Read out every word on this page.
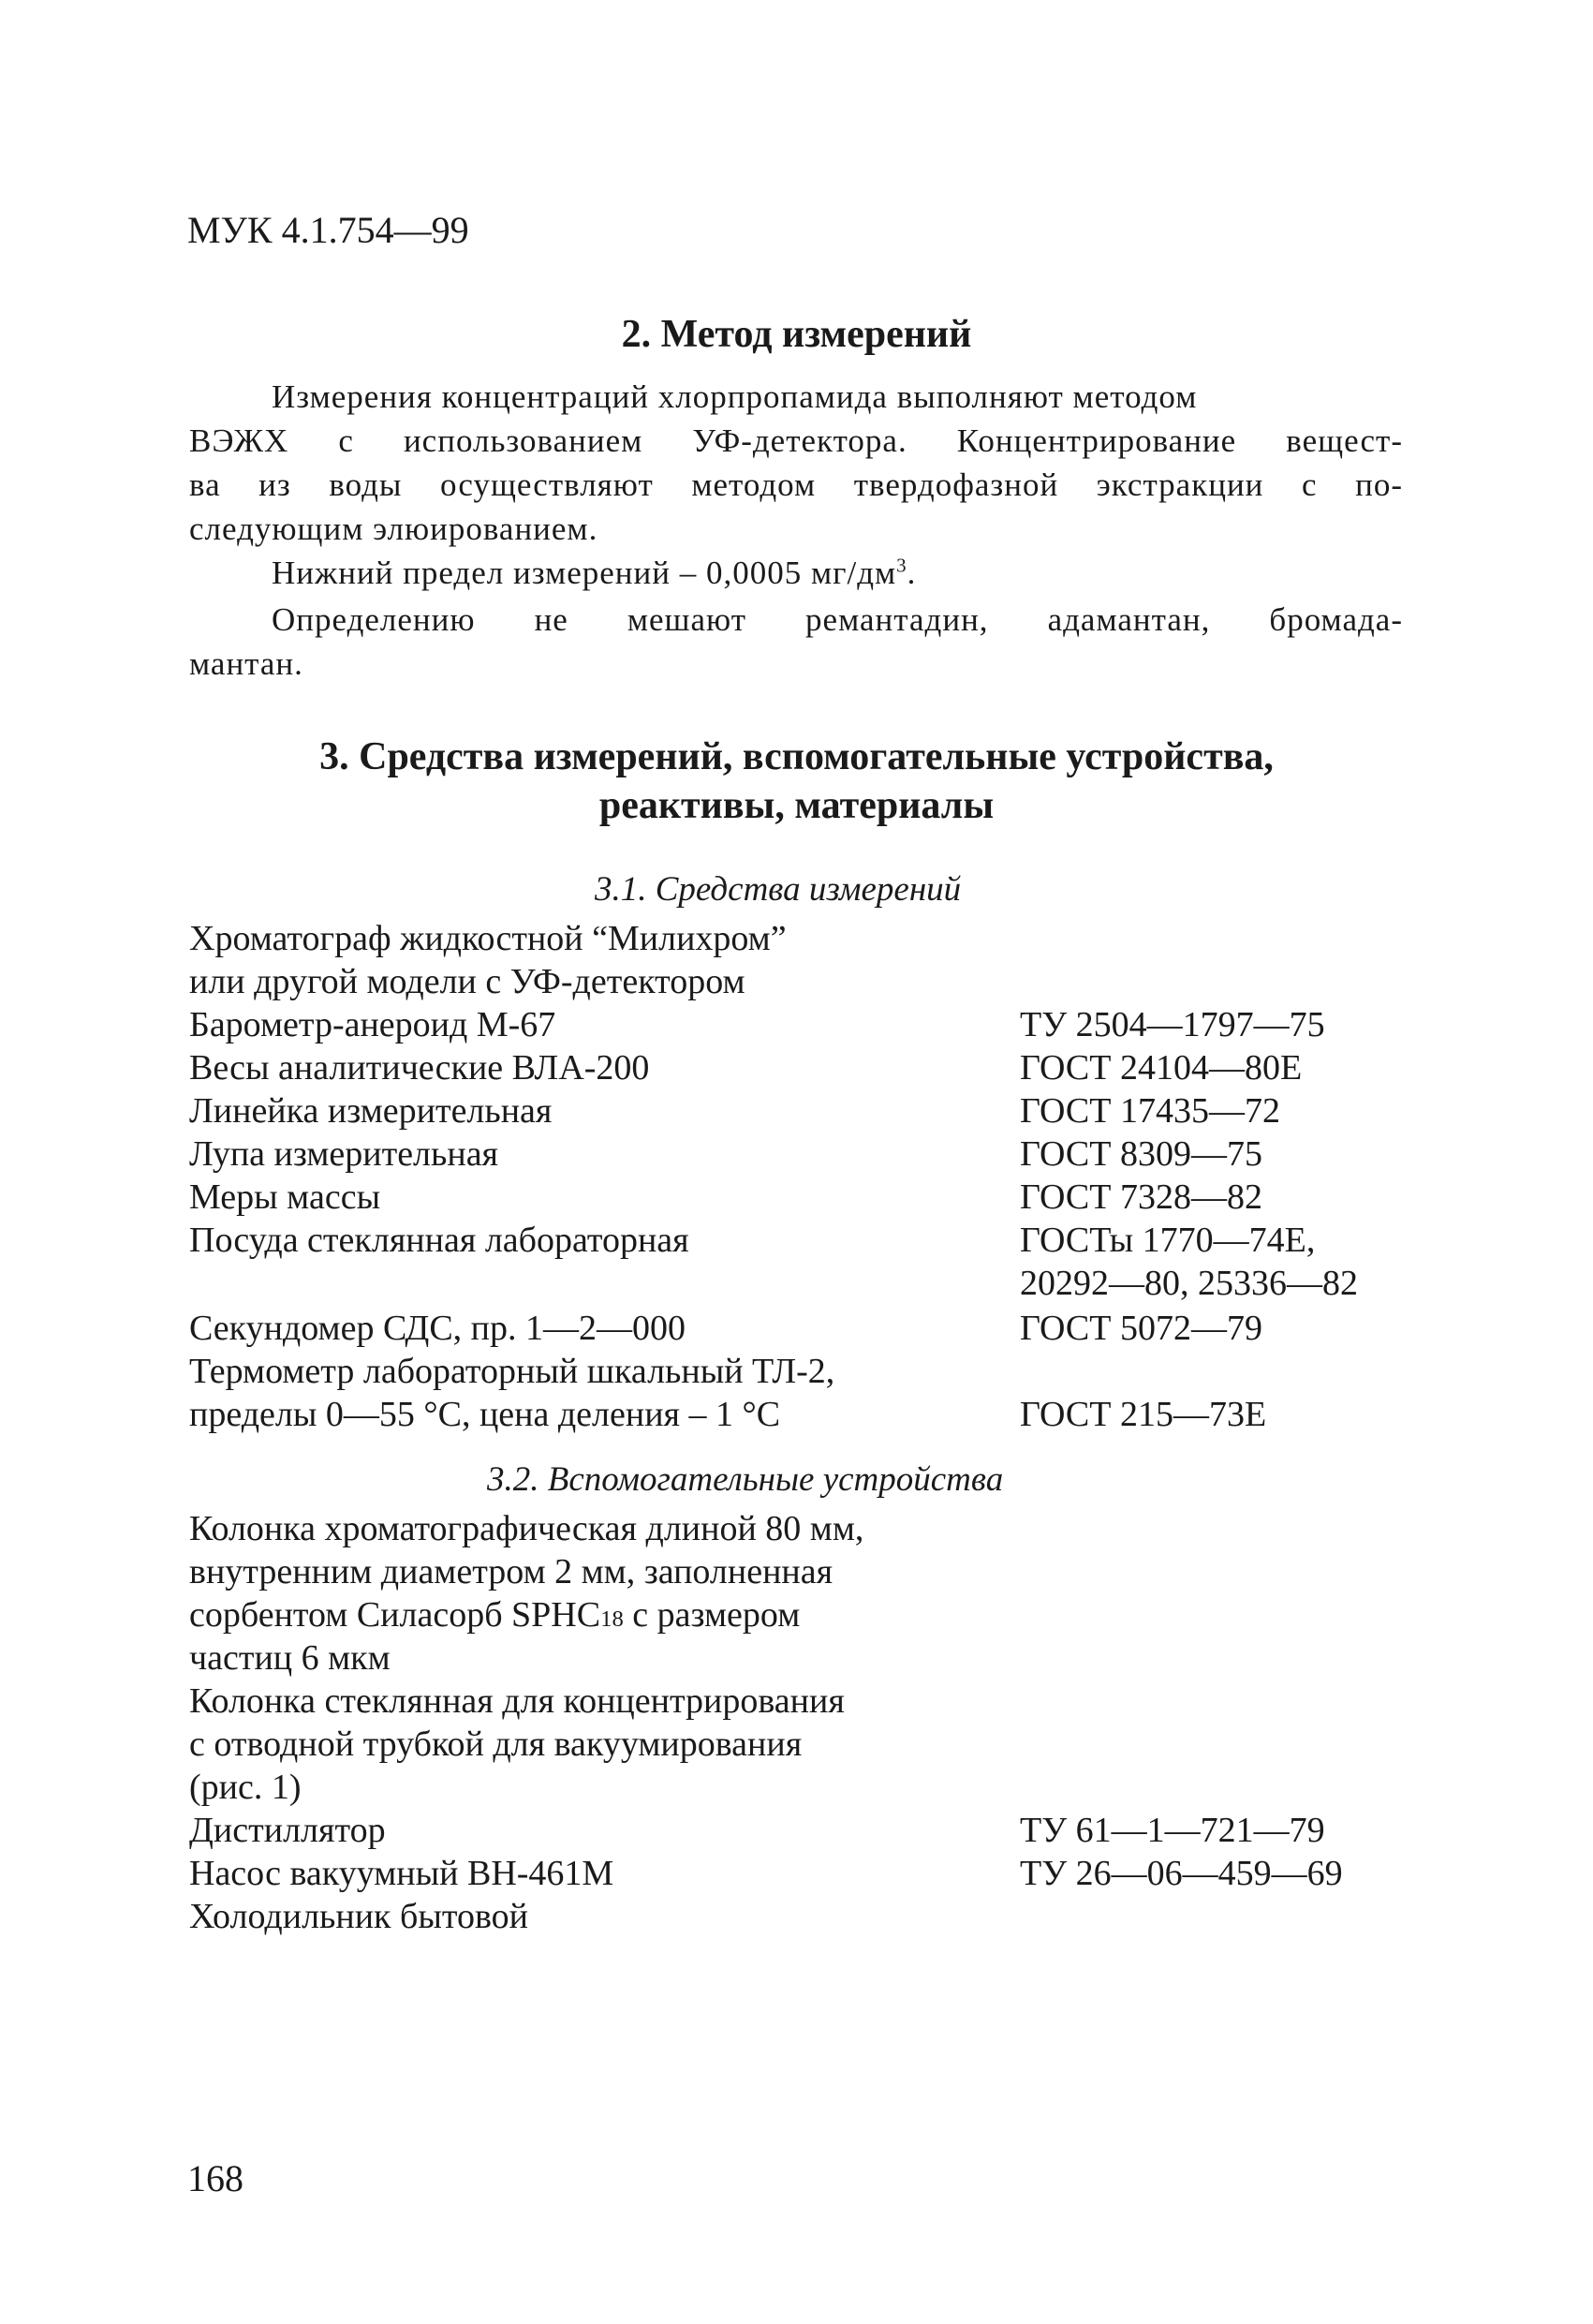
МУК 4.1.754—99
2. Метод измерений
Измерения концентраций хлорпропамида выполняют методом
ВЭЖХ с использованием УФ-детектора. Концентрирование вещест-
ва из воды осуществляют методом твердофазной экстракции с по-
следующим элюированием.
Нижний предел измерений – 0,0005 $мг/дм^3$.
Определению не мешают ремантадин, адамантан, бромада-
мантан.
3. Средства измерений, вспомогательные устройства,
реактивы, материалы
3.1. Средства измерений
Хроматограф жидкостной “Милихром”
или другой модели с УФ-детектором
Барометр-анероид М-67	ТУ 2504—1797—75
Весы аналитические ВЛА-200	ГОСТ 24104—80Е
Линейка измерительная	ГОСТ 17435—72
Лупа измерительная	ГОСТ 8309—75
Меры массы	ГОСТ 7328—82
Посуда стеклянная лабораторная	ГОСТы 1770—74Е,
20292—80, 25336—82
Секундомер СДС, пр. 1—2—000	ГОСТ 5072—79
Термометр лабораторный шкальный ТЛ-2,
пределы 0—55 °С, цена деления – 1 °С	ГОСТ 215—73Е
3.2. Вспомогательные устройства
Колонка хроматографическая длиной 80 мм,
внутренним диаметром 2 мм, заполненная
сорбентом Силасорб SPHC18 с размером
частиц 6 мкм
Колонка стеклянная для концентрирования
с отводной трубкой для вакуумирования
(рис. 1)
Дистиллятор	ТУ 61—1—721—79
Насос вакуумный ВН-461М	ТУ 26—06—459—69
Холодильник бытовой
168
